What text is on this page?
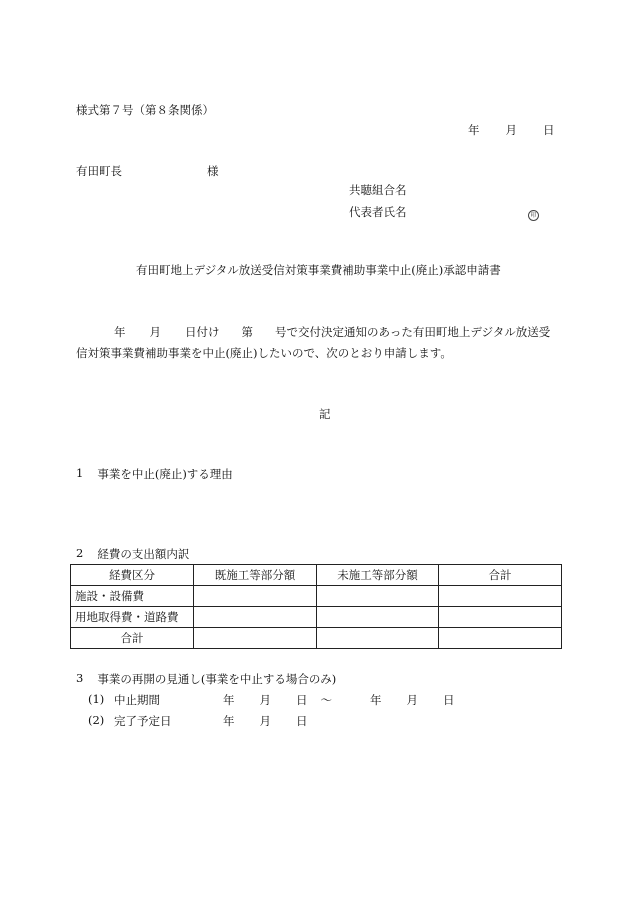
様式第７号（第８条関係）
年 月 日
有田町長	様
共聴組合名
代表者氏名	印
有田町地上デジタル放送受信対策事業費補助事業中止(廃止)承認申請書
年 月 日付け 第 号で交付決定通知のあった有田町地上デジタル放送受
信対策事業費補助事業を中止(廃止)したいので、次のとおり申請します。
記
1 事業を中止(廃止)する理由
2 経費の支出額内訳
経費区分	既施工等部分額	未施工等部分額	合計
施設・設備費			
用地取得費・道路費			
合計			
3 事業の再開の見通し(事業を中止する場合のみ)
(1) 中止期間	年 月 日 ～	年 月 日
(2) 完了予定日	年 月 日
